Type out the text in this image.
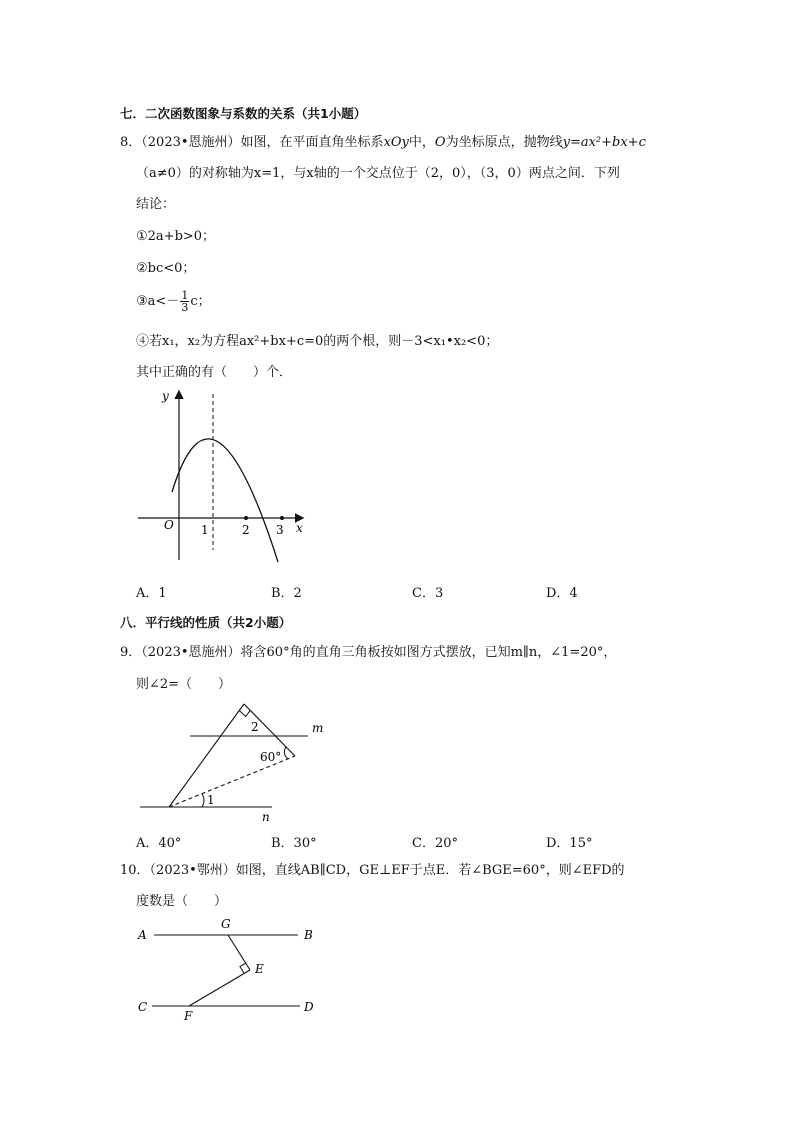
七．二次函数图象与系数的关系（共1小题）
8．（2023•恩施州）如图，在平面直角坐标系xOy中，O为坐标原点，抛物线y=ax²+bx+c
（a≠0）的对称轴为x=1，与x轴的一个交点位于（2，0），（3，0）两点之间．下列
结论：
①2a+b>0；
②bc<0；
③a<－ $\frac{1}{3}$ c；
④若x₁，x₂为方程ax²+bx+c=0的两个根，则－3<x₁•x₂<0；
其中正确的有（　　）个．
y
x
O 1	2 3
A．1	B．2	C．3	D．4
八．平行线的性质（共2小题）
9．（2023•恩施州）将含60°角的直角三角板按如图方式摆放，已知m∥n，∠1=20°，
则∠2=（　　）
m
n
2
60°
1
A．40°	B．30°	C．20°	D．15°
10．（2023•鄂州）如图，直线AB∥CD，GE⊥EF于点E．若∠BGE=60°，则∠EFD的
度数是（　　）
A	B
C	D
G
E
F
